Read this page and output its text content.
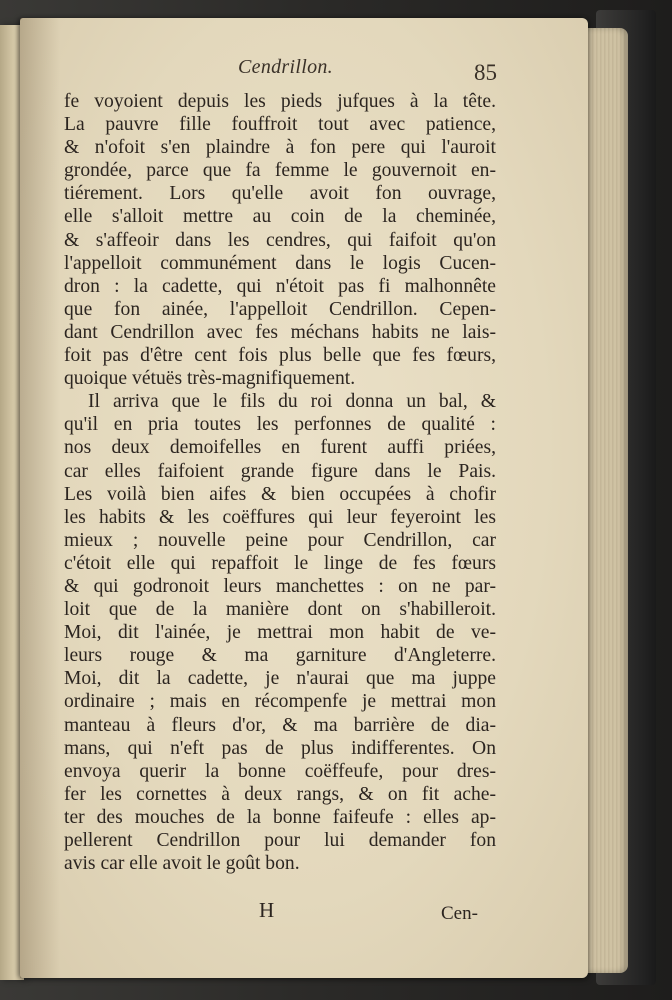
Cendrillon.	85
fe voyoient depuis les pieds jufques à la tête.
La pauvre fille fouffroit tout avec patience,
& n'ofoit s'en plaindre à fon pere qui l'auroit
grondée, parce que fa femme le gouvernoit en-
tiérement. Lors qu'elle avoit fon ouvrage,
elle s'alloit mettre au coin de la cheminée,
& s'affeoir dans les cendres, qui faifoit qu'on
l'appelloit communément dans le logis Cucen-
dron : la cadette, qui n'étoit pas fi malhonnête
que fon ainée, l'appelloit Cendrillon. Cepen-
dant Cendrillon avec fes méchans habits ne lais-
foit pas d'être cent fois plus belle que fes fœurs,
quoique vétuës très-magnifiquement.
Il arriva que le fils du roi donna un bal, &
qu'il en pria toutes les perfonnes de qualité :
nos deux demoifelles en furent auffi priées,
car elles faifoient grande figure dans le Pais.
Les voilà bien aifes & bien occupées à chofir
les habits & les coëffures qui leur feyeroint les
mieux ; nouvelle peine pour Cendrillon, car
c'étoit elle qui repaffoit le linge de fes fœurs
& qui godronoit leurs manchettes : on ne par-
loit que de la manière dont on s'habilleroit.
Moi, dit l'ainée, je mettrai mon habit de ve-
leurs rouge & ma garniture d'Angleterre.
Moi, dit la cadette, je n'aurai que ma juppe
ordinaire ; mais en récompenfe je mettrai mon
manteau à fleurs d'or, & ma barrière de dia-
mans, qui n'eft pas de plus indifferentes. On
envoya querir la bonne coëffeufe, pour dres-
fer les cornettes à deux rangs, & on fit ache-
ter des mouches de la bonne faifeufe : elles ap-
pellerent Cendrillon pour lui demander fon
avis car elle avoit le goût bon.
H	Cen-
